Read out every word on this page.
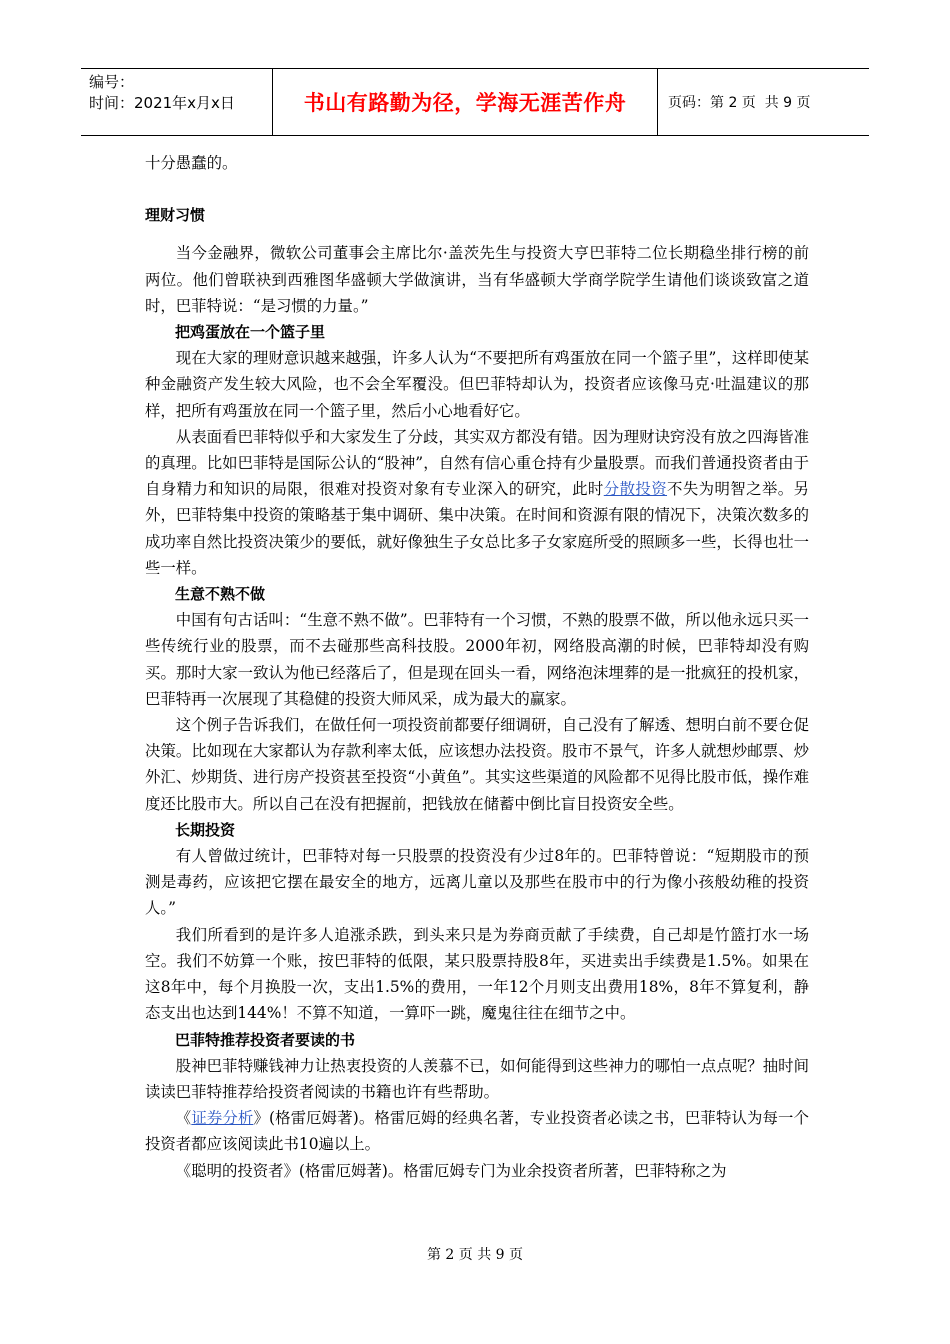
编号：
时间：2021年x月x日	书山有路勤为径，学海无涯苦作舟	页码：第 2 页  共 9 页

十分愚蠢的。

理财习惯

当今金融界，微软公司董事会主席比尔·盖茨先生与投资大亨巴菲特二位长期稳坐排行榜的前两位。他们曾联袂到西雅图华盛顿大学做演讲，当有华盛顿大学商学院学生请他们谈谈致富之道时，巴菲特说：“是习惯的力量。”

把鸡蛋放在一个篮子里

现在大家的理财意识越来越强，许多人认为“不要把所有鸡蛋放在同一个篮子里”，这样即使某种金融资产发生较大风险，也不会全军覆没。但巴菲特却认为，投资者应该像马克·吐温建议的那样，把所有鸡蛋放在同一个篮子里，然后小心地看好它。

从表面看巴菲特似乎和大家发生了分歧，其实双方都没有错。因为理财诀窍没有放之四海皆准的真理。比如巴菲特是国际公认的“股神”，自然有信心重仓持有少量股票。而我们普通投资者由于自身精力和知识的局限，很难对投资对象有专业深入的研究，此时分散投资不失为明智之举。另外，巴菲特集中投资的策略基于集中调研、集中决策。在时间和资源有限的情况下，决策次数多的成功率自然比投资决策少的要低，就好像独生子女总比多子女家庭所受的照顾多一些，长得也壮一些一样。

生意不熟不做

中国有句古话叫：“生意不熟不做”。巴菲特有一个习惯，不熟的股票不做，所以他永远只买一些传统行业的股票，而不去碰那些高科技股。2000年初，网络股高潮的时候，巴菲特却没有购买。那时大家一致认为他已经落后了，但是现在回头一看，网络泡沫埋葬的是一批疯狂的投机家，巴菲特再一次展现了其稳健的投资大师风采，成为最大的赢家。

这个例子告诉我们，在做任何一项投资前都要仔细调研，自己没有了解透、想明白前不要仓促决策。比如现在大家都认为存款利率太低，应该想办法投资。股市不景气，许多人就想炒邮票、炒外汇、炒期货、进行房产投资甚至投资“小黄鱼”。其实这些渠道的风险都不见得比股市低，操作难度还比股市大。所以自己在没有把握前，把钱放在储蓄中倒比盲目投资安全些。

长期投资

有人曾做过统计，巴菲特对每一只股票的投资没有少过8年的。巴菲特曾说：“短期股市的预测是毒药，应该把它摆在最安全的地方，远离儿童以及那些在股市中的行为像小孩般幼稚的投资人。”

我们所看到的是许多人追涨杀跌，到头来只是为券商贡献了手续费，自己却是竹篮打水一场空。我们不妨算一个账，按巴菲特的低限，某只股票持股8年，买进卖出手续费是1.5%。如果在这8年中，每个月换股一次，支出1.5%的费用，一年12个月则支出费用18%，8年不算复利，静态支出也达到144%！不算不知道，一算吓一跳，魔鬼往往在细节之中。

巴菲特推荐投资者要读的书

股神巴菲特赚钱神力让热衷投资的人羡慕不已，如何能得到这些神力的哪怕一点点呢？抽时间读读巴菲特推荐给投资者阅读的书籍也许有些帮助。

《证券分析》(格雷厄姆著)。格雷厄姆的经典名著，专业投资者必读之书，巴菲特认为每一个投资者都应该阅读此书10遍以上。

《聪明的投资者》(格雷厄姆著)。格雷厄姆专门为业余投资者所著，巴菲特称之为

第 2 页 共 9 页
